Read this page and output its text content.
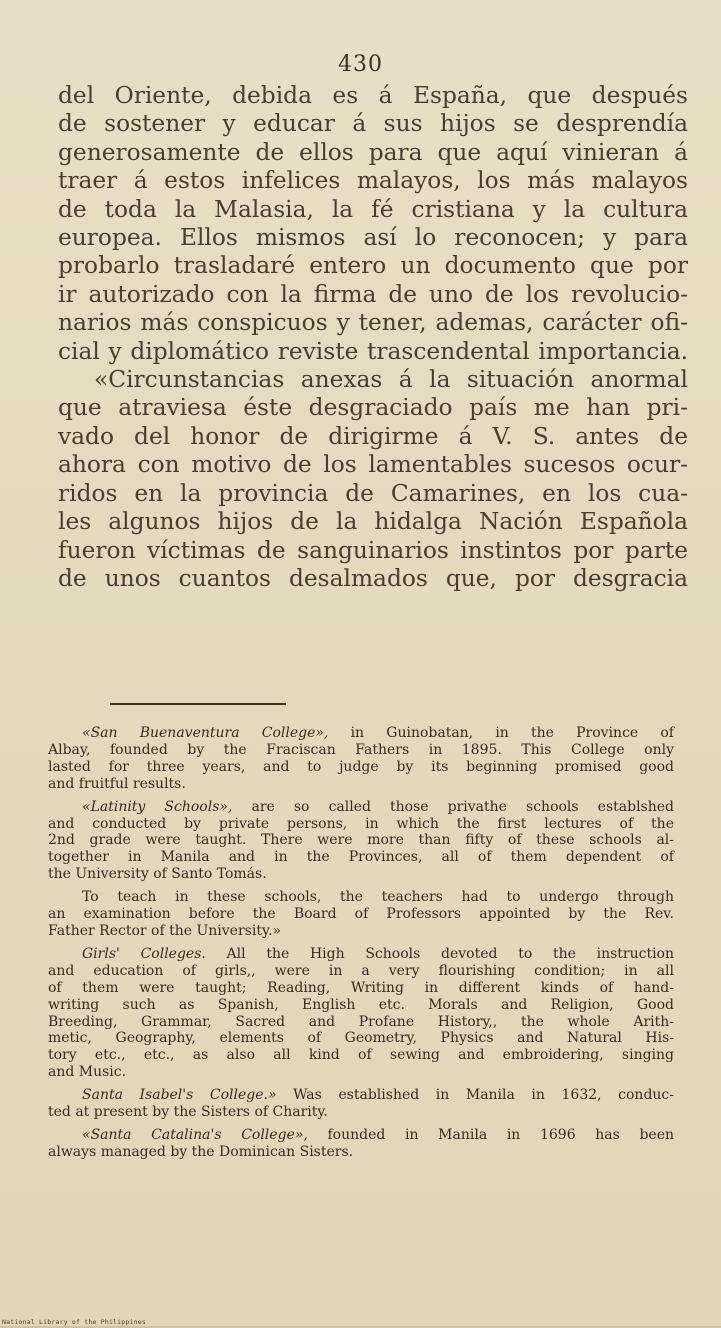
430
del Oriente, debida es á España, que después
de sostener y educar á sus hijos se desprendía
generosamente de ellos para que aquí vinieran á
traer á estos infelices malayos, los más malayos
de toda la Malasia, la fé cristiana y la cultura
europea. Ellos mismos así lo reconocen; y para
probarlo trasladaré entero un documento que por
ir autorizado con la firma de uno de los revolucio-
narios más conspicuos y tener, ademas, carácter ofi-
cial y diplomático reviste trascendental importancia.
«Circunstancias anexas á la situación anormal
que atraviesa éste desgraciado país me han pri-
vado del honor de dirigirme á V. S. antes de
ahora con motivo de los lamentables sucesos ocur-
ridos en la provincia de Camarines, en los cua-
les algunos hijos de la hidalga Nación Española
fueron víctimas de sanguinarios instintos por parte
de unos cuantos desalmados que, por desgracia
«San Buenaventura College», in Guinobatan, in the Province of
Albay, founded by the Fraciscan Fathers in 1895. This College only
lasted for three years, and to judge by its beginning promised good
and fruitful results.
«Latinity Schools», are so called those privathe schools establshed
and conducted by private persons, in which the first lectures of the
2nd grade were taught. There were more than fifty of these schools al-
together in Manila and in the Provinces, all of them dependent of
the University of Santo Tomás.
To teach in these schools, the teachers had to undergo through
an examination before the Board of Professors appointed by the Rev.
Father Rector of the University.»
Girls' Colleges. All the High Schools devoted to the instruction
and education of girls,, were in a very flourishing condition; in all
of them were taught; Reading, Writing in different kinds of hand-
writing such as Spanish, English etc. Morals and Religion, Good
Breeding, Grammar, Sacred and Profane History,, the whole Arith-
metic, Geography, elements of Geometry, Physics and Natural His-
tory etc., etc., as also all kind of sewing and embroidering, singing
and Music.
Santa Isabel's College.» Was established in Manila in 1632, conduc-
ted at present by the Sisters of Charity.
«Santa Catalina's College», founded in Manila in 1696 has been
always managed by the Dominican Sisters.
National Library of the Philippines
